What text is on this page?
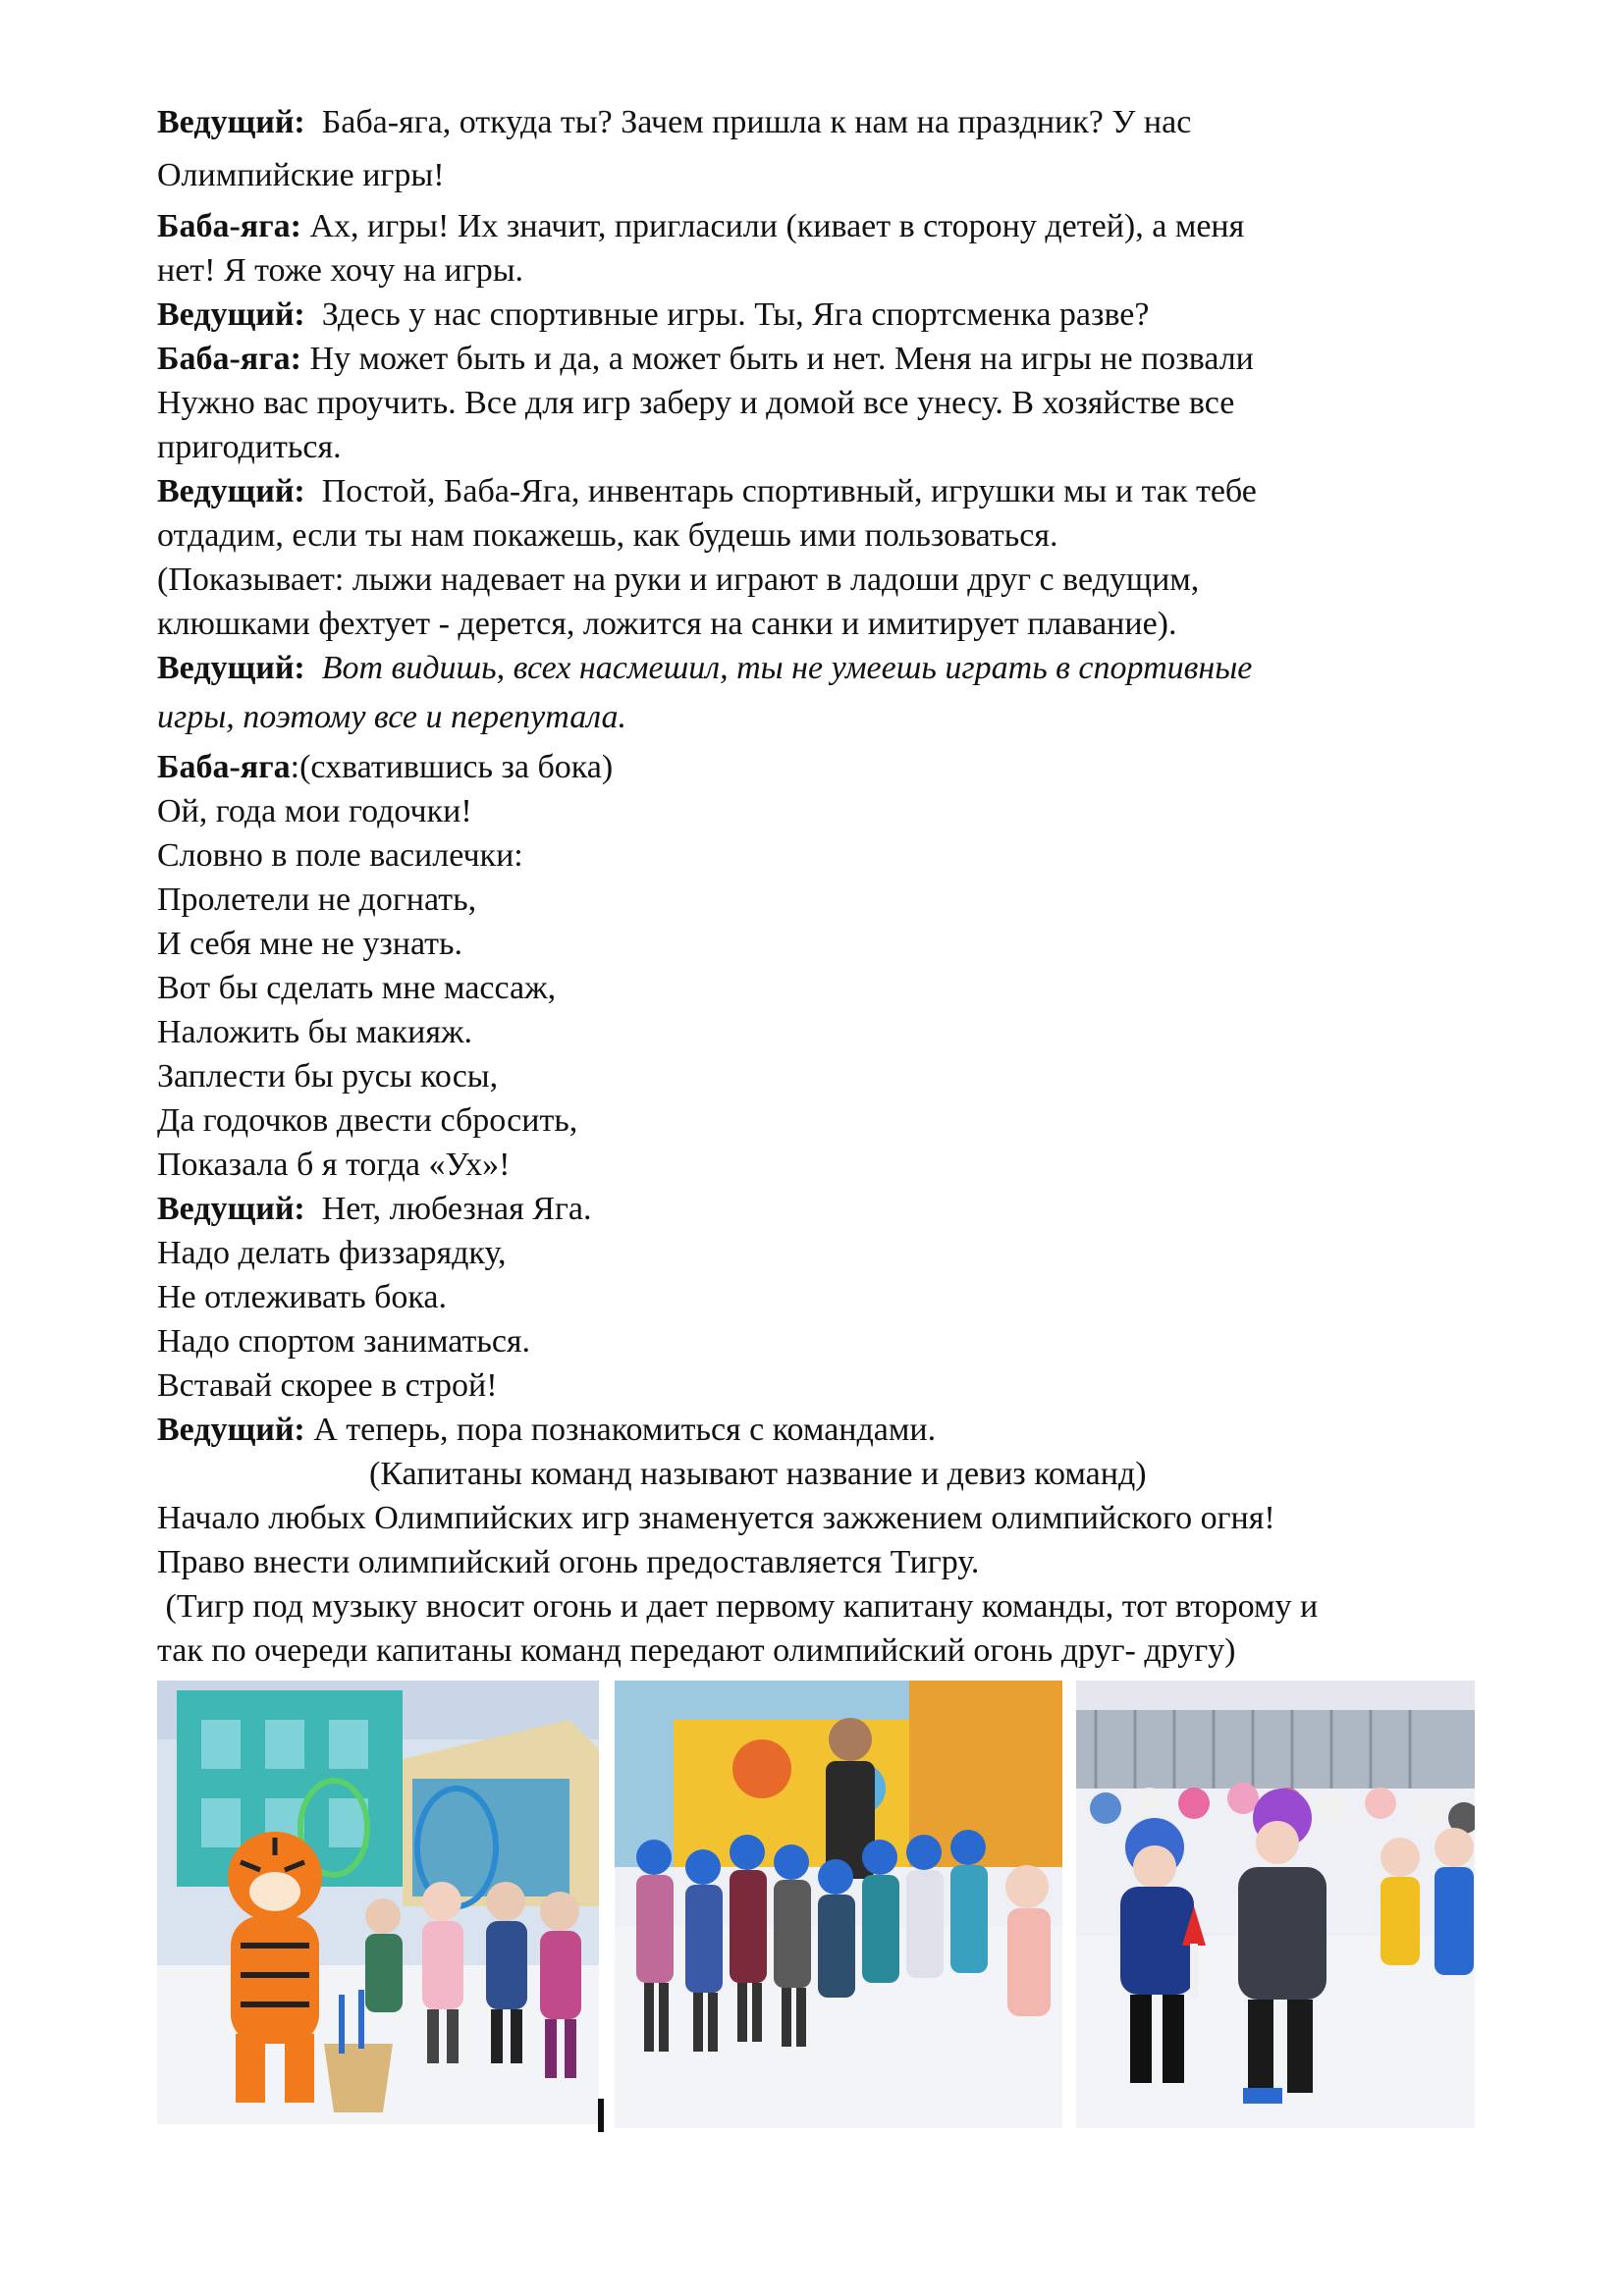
Ведущий: Баба-яга, откуда ты? Зачем пришла к нам на праздник? У нас
Олимпийские игры!
Баба-яга: Ах, игры! Их значит, пригласили (кивает в сторону детей), а меня
нет! Я тоже хочу на игры.
Ведущий: Здесь у нас спортивные игры. Ты, Яга спортсменка разве?
Баба-яга: Ну может быть и да, а может быть и нет. Меня на игры не позвали
Нужно вас проучить. Все для игр заберу и домой все унесу. В хозяйстве все
пригодиться.
Ведущий: Постой, Баба-Яга, инвентарь спортивный, игрушки мы и так тебе
отдадим, если ты нам покажешь, как будешь ими пользоваться.
(Показывает: лыжи надевает на руки и играют в ладоши друг с ведущим,
клюшками фехтует - дерется, ложится на санки и имитирует плавание).
Ведущий: Вот видишь, всех насмешил, ты не умеешь играть в спортивные
игры, поэтому все и перепутала.
Баба-яга:(схватившись за бока)
Ой, года мои годочки!
Словно в поле василечки:
Пролетели не догнать,
И себя мне не узнать.
Вот бы сделать мне массаж,
Наложить бы макияж.
Заплести бы русы косы,
Да годочков двести сбросить,
Показала б я тогда «Ух»!
Ведущий: Нет, любезная Яга.
Надо делать физзарядку,
Не отлеживать бока.
Надо спортом заниматься.
Вставай скорее в строй!
Ведущий: А теперь, пора познакомиться с командами.
(Капитаны команд называют название и девиз команд)
Начало любых Олимпийских игр знаменуется зажжением олимпийского огня!
Право внести олимпийский огонь предоставляется Тигру.
(Тигр под музыку вносит огонь и дает первому капитану команды, тот второму и
так по очереди капитаны команд передают олимпийский огонь друг- другу)
